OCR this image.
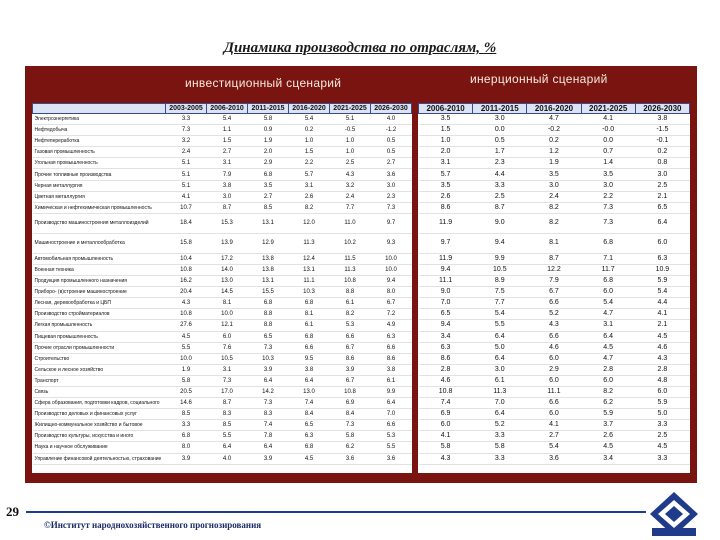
Динамика производства по отраслям, %
инвестиционный сценарий	инерционный сценарий
	2003-2005	2006-2010	2011-2015	2016-2020	2021-2025	2026-2030
Электроэнергетика	3.3	5.4	5.8	5.4	5.1	4.0
Нефтедобыча	7.3	1.1	0.9	0.2	-0.5	-1.2
Нефтепереработка	3.2	1.5	1.9	1.0	1.0	0.5
Газовая промышленность	2.4	2.7	2.0	1.5	1.0	0.5
Угольная промышленность	5.1	3.1	2.9	2.2	2.5	2.7
Прочие топливные производства	5.1	7.9	6.8	5.7	4.3	3.6
Черная металлургия	5.1	3.8	3.5	3.1	3.2	3.0
Цветная металлургия	4.1	3.0	2.7	2.6	2.4	2.3
Химическая и нефтехимическая промышленность	10.7	8.7	8.5	8.2	7.7	7.3
Производство машиностроения металлоизделий	18.4	15.3	13.1	12.0	11.0	9.7
Машиностроение и металлообработка	15.8	13.9	12.9	11.3	10.2	9.3
Автомобильная промышленность	10.4	17.2	13.8	12.4	11.5	10.0
Военная техника	10.8	14.0	13.8	13.1	11.3	10.0
Продукция промышленного назначения	16.2	13.0	13.1	11.1	10.8	9.4
Приборо- (в)строение машиностроение	20.4	14.5	15.5	10.3	8.8	8.0
Лесная, деревообработка и ЦБП	4.3	8.1	6.8	6.8	6.1	6.7
Производство стройматериалов	10.8	10.0	8.8	8.1	8.2	7.2
Легкая промышленность	27.6	12.1	8.8	6.1	5.3	4.9
Пищевая промышленность	4.5	6.0	6.5	6.8	6.6	6.3
Прочие отрасли промышленности	5.5	7.6	7.3	6.6	6.7	6.6
Строительство	10.0	10.5	10.3	9.5	8.6	8.6
Сельское и лесное хозяйство	1.9	3.1	3.9	3.8	3.9	3.8
Транспорт	5.8	7.3	6.4	6.4	6.7	6.1
Связь	20.5	17.0	14.2	13.0	10.8	9.9
Сфера образования, подготовки кадров, социального	14.6	8.7	7.3	7.4	6.9	6.4
Производство деловых и финансовых услуг	8.5	8.3	8.3	8.4	8.4	7.0
Жилищно-коммунальное хозяйство и бытовое	3.3	8.5	7.4	6.5	7.3	6.6
Производство культуры, искусства и иного	6.8	5.5	7.8	6.3	5.8	5.3
Наука и научное обслуживание	8.0	6.4	6.4	6.8	6.2	5.5
Управление финансовой деятельностью, страхование	3.9	4.0	3.9	4.5	3.6	3.6
2006-2010	2011-2015	2016-2020	2021-2025	2026-2030
3.5	3.0	4.7	4.1	3.8
1.5	0.0	-0.2	-0.0	-1.5
1.0	0.5	0.2	0.0	-0.1
2.0	1.7	1.2	0.7	0.2
3.1	2.3	1.9	1.4	0.8
5.7	4.4	3.5	3.5	3.0
3.5	3.3	3.0	3.0	2.5
2.6	2.5	2.4	2.2	2.1
8.6	8.7	8.2	7.3	6.5
11.9	9.0	8.2	7.3	6.4
9.7	9.4	8.1	6.8	6.0
11.9	9.9	8.7	7.1	6.3
9.4	10.5	12.2	11.7	10.9
11.1	8.9	7.9	6.8	5.9
9.0	7.5	6.7	6.0	5.4
7.0	7.7	6.6	5.4	4.4
6.5	5.4	5.2	4.7	4.1
9.4	5.5	4.3	3.1	2.1
3.4	6.4	6.6	6.4	4.5
6.3	5.0	4.6	4.5	4.6
8.6	6.4	6.0	4.7	4.3
2.8	3.0	2.9	2.8	2.8
4.6	6.1	6.0	6.0	4.8
10.8	11.3	11.1	8.2	6.0
7.4	7.0	6.6	6.2	5.9
6.9	6.4	6.0	5.9	5.0
6.0	5.2	4.1	3.7	3.3
4.1	3.3	2.7	2.6	2.5
5.8	5.8	5.4	4.5	4.5
4.3	3.3	3.6	3.4	3.3
29
©Институт народнохозяйственного прогнозирования
